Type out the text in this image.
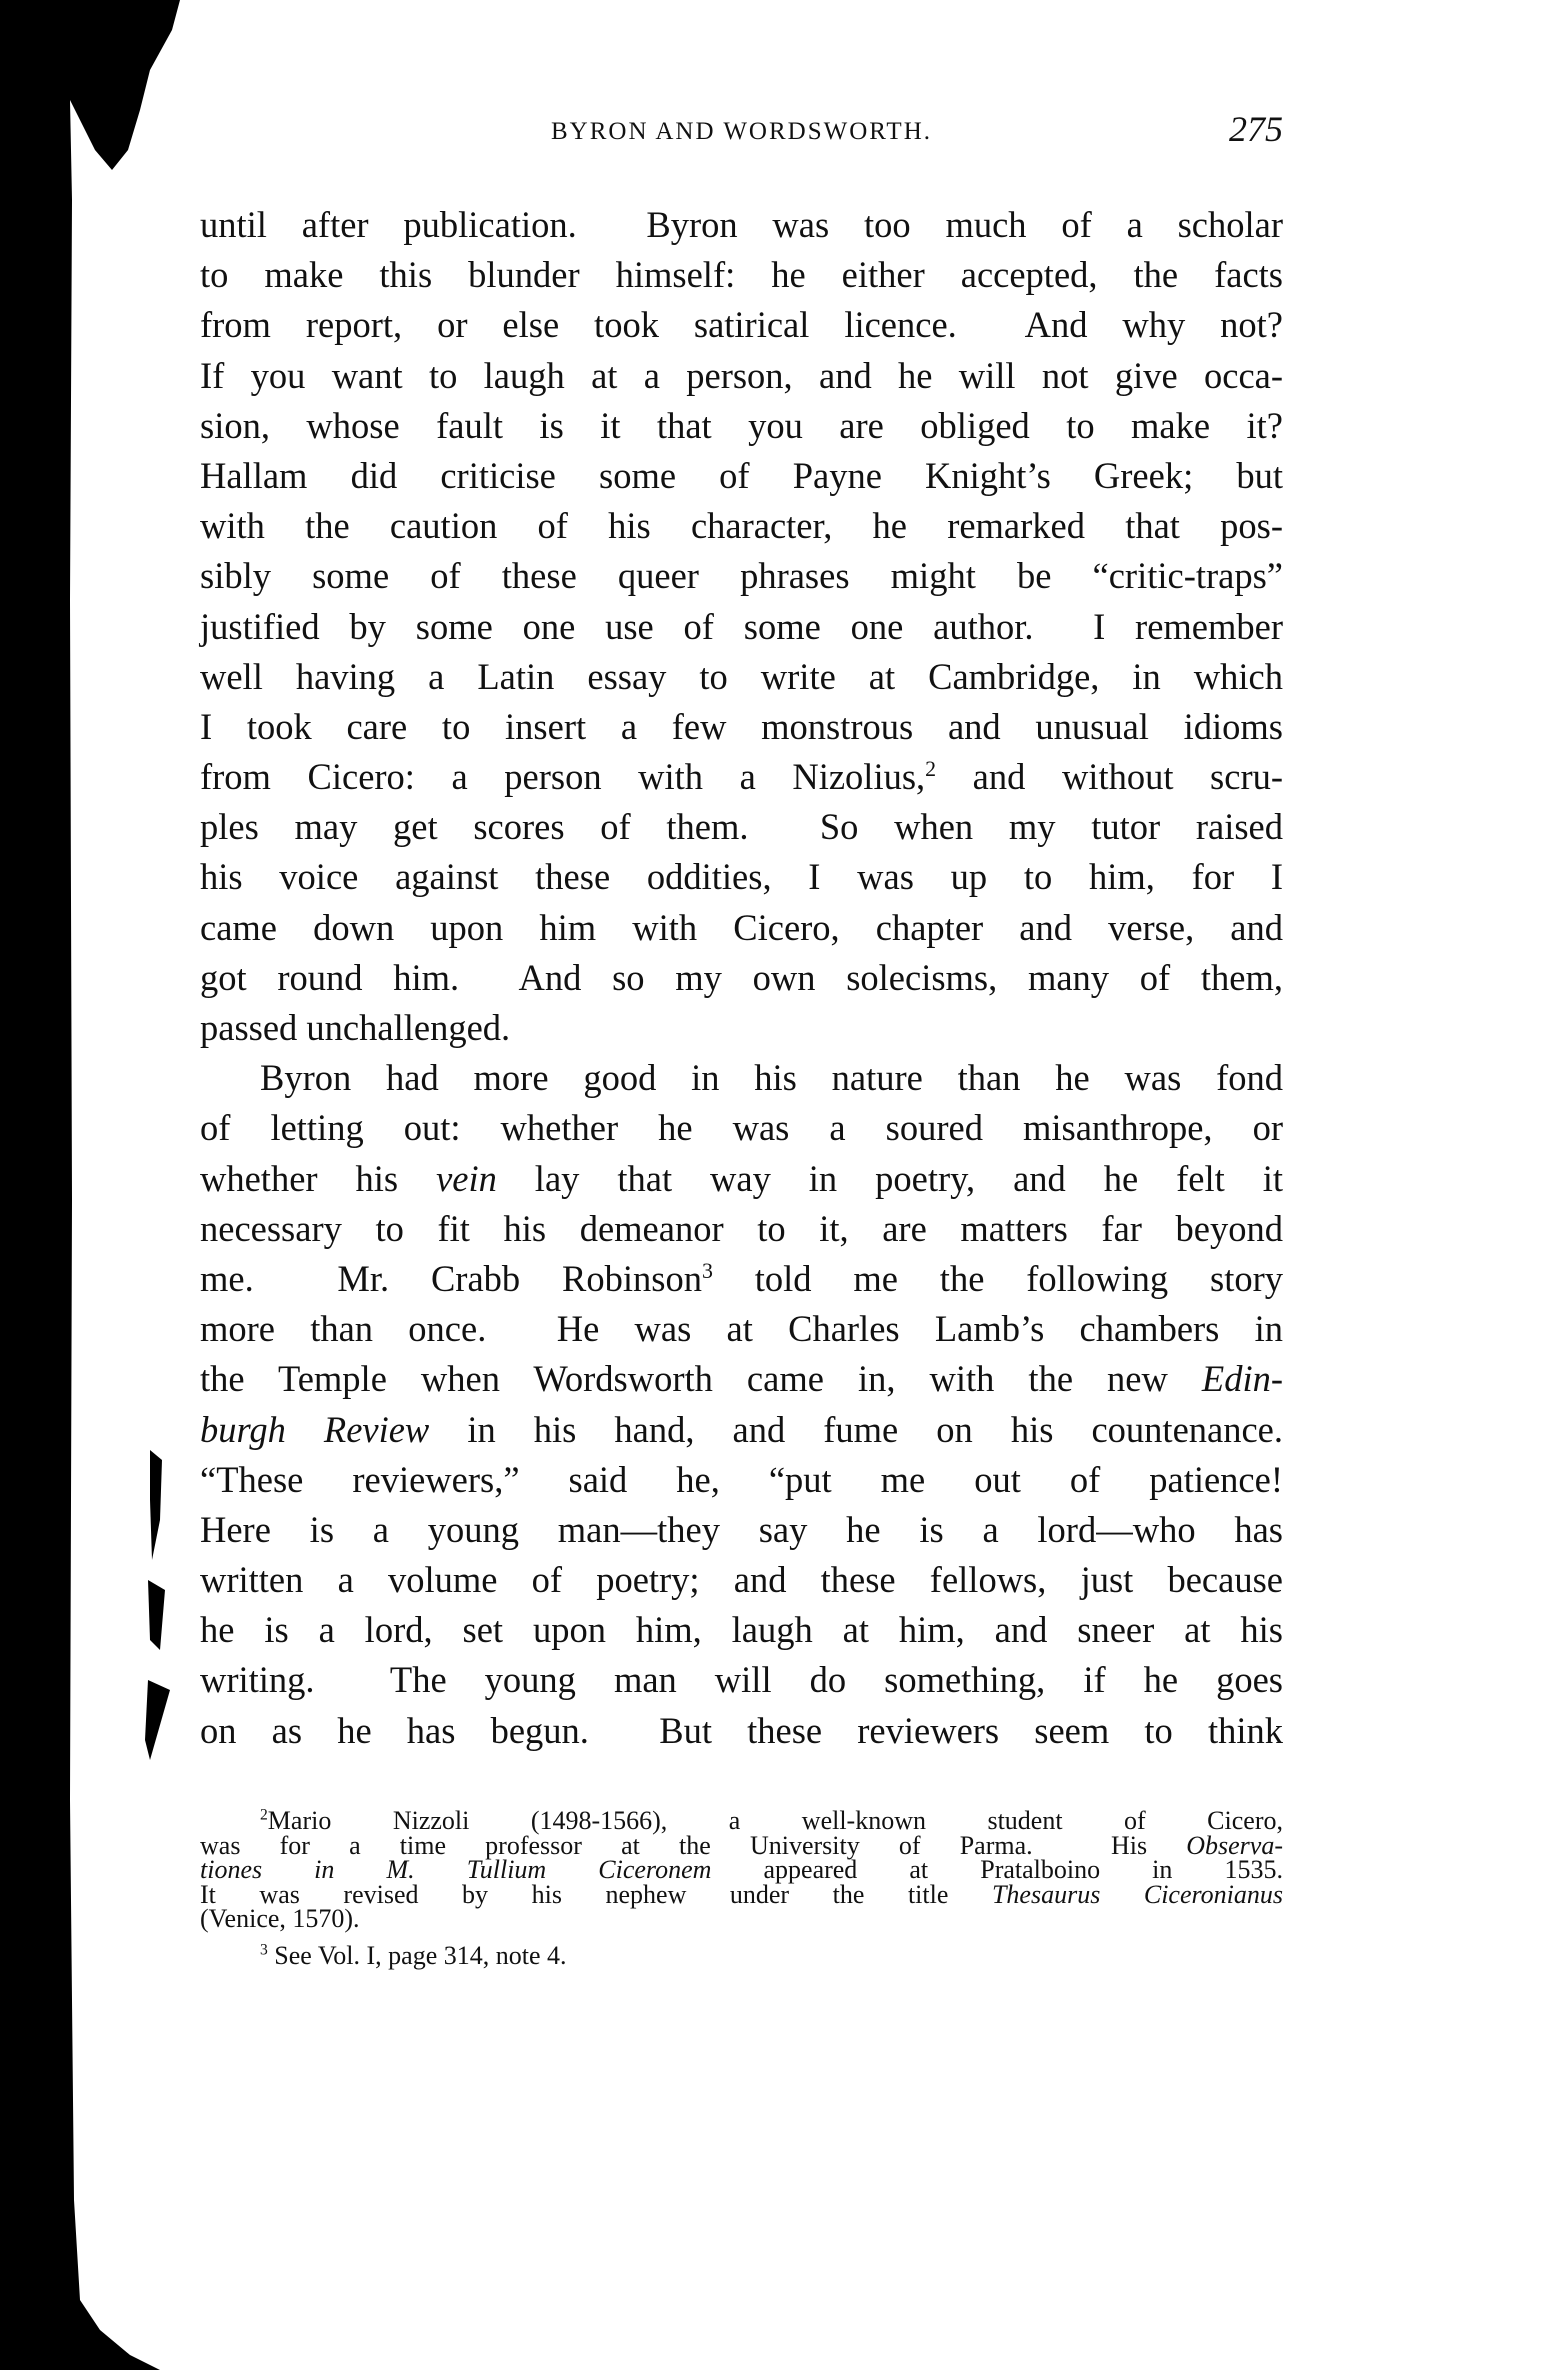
BYRON AND WORDSWORTH.	275
until after publication.  Byron was too much of a scholar
to make this blunder himself: he either accepted, the facts
from report, or else took satirical licence.  And why not?
If you want to laugh at a person, and he will not give occa-
sion, whose fault is it that you are obliged to make it?
Hallam did criticise some of Payne Knight’s Greek; but
with the caution of his character, he remarked that pos-
sibly some of these queer phrases might be “critic-traps”
justified by some one use of some one author.  I remember
well having a Latin essay to write at Cambridge, in which
I took care to insert a few monstrous and unusual idioms
from Cicero: a person with a Nizolius,$^2$ and without scru-
ples may get scores of them.  So when my tutor raised
his voice against these oddities, I was up to him, for I
came down upon him with Cicero, chapter and verse, and
got round him.  And so my own solecisms, many of them,
passed unchallenged.
Byron had more good in his nature than he was fond
of letting out: whether he was a soured misanthrope, or
whether his vein lay that way in poetry, and he felt it
necessary to fit his demeanor to it, are matters far beyond
me.  Mr. Crabb Robinson$^3$ told me the following story
more than once.  He was at Charles Lamb’s chambers in
the Temple when Wordsworth came in, with the new Edin-
burgh Review in his hand, and fume on his countenance.
“These reviewers,” said he, “put me out of patience!
Here is a young man—they say he is a lord—who has
written a volume of poetry; and these fellows, just because
he is a lord, set upon him, laugh at him, and sneer at his
writing.  The young man will do something, if he goes
on as he has begun.  But these reviewers seem to think
$^2$Mario Nizzoli (1498-1566), a well-known student of Cicero,
was for a time professor at the University of Parma.  His Observa-
tiones in M. Tullium Ciceronem appeared at Pratalboino in 1535.
It was revised by his nephew under the title Thesaurus Ciceronianus
(Venice, 1570).
$^3$ See Vol. I, page 314, note 4.
